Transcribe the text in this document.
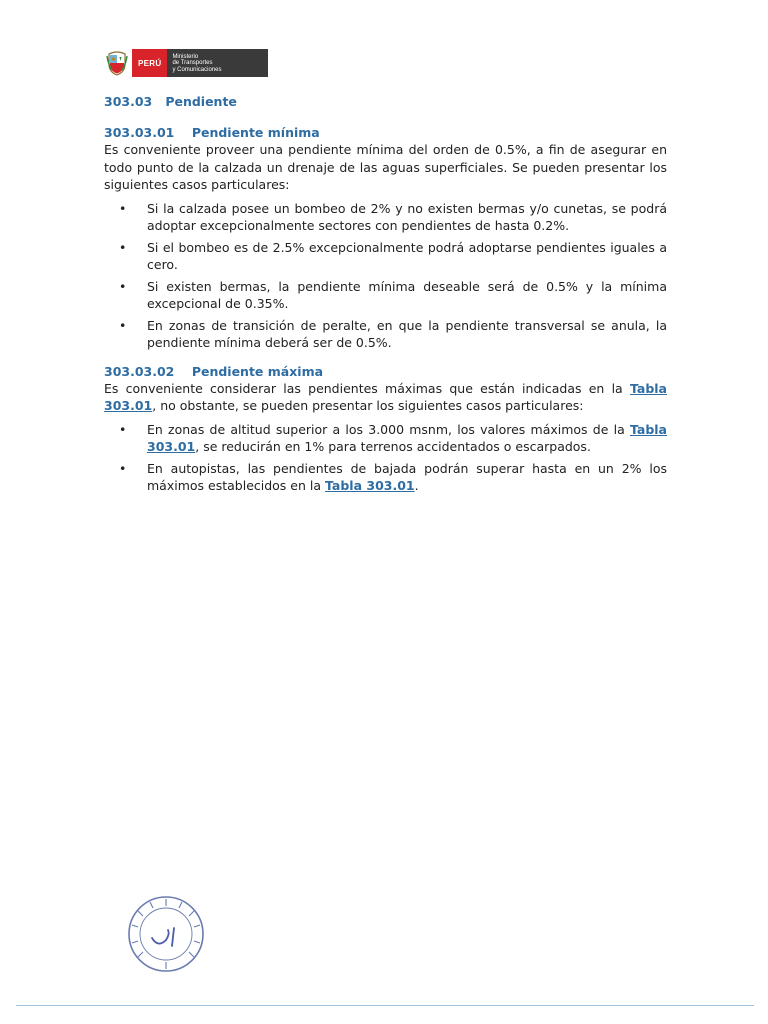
PERÚ
Ministerio
de Transportes
y Comunicaciones
303.03 Pendiente
303.03.01 Pendiente mínima

Es conveniente proveer una pendiente mínima del orden de 0.5%, a fin de asegurar en todo punto de la calzada un drenaje de las aguas superficiales. Se pueden presentar los siguientes casos particulares:

• Si la calzada posee un bombeo de 2% y no existen bermas y/o cunetas, se podrá adoptar excepcionalmente sectores con pendientes de hasta 0.2%.
• Si el bombeo es de 2.5% excepcionalmente podrá adoptarse pendientes iguales a cero.
• Si existen bermas, la pendiente mínima deseable será de 0.5% y la mínima excepcional de 0.35%.
• En zonas de transición de peralte, en que la pendiente transversal se anula, la pendiente mínima deberá ser de 0.5%.
303.03.02 Pendiente máxima

Es conveniente considerar las pendientes máximas que están indicadas en la Tabla 303.01, no obstante, se pueden presentar los siguientes casos particulares:

• En zonas de altitud superior a los 3.000 msnm, los valores máximos de la Tabla 303.01, se reducirán en 1% para terrenos accidentados o escarpados.
• En autopistas, las pendientes de bajada podrán superar hasta en un 2% los máximos establecidos en la Tabla 303.01.
